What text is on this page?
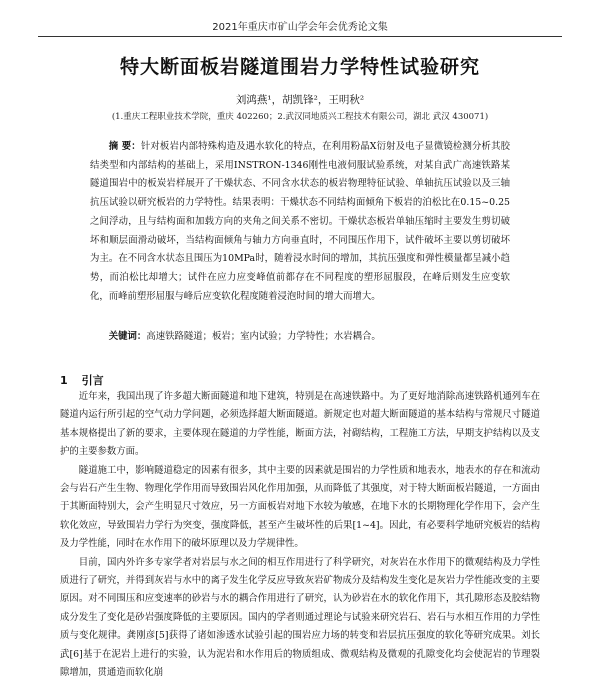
2021年重庆市矿山学会年会优秀论文集
特大断面板岩隧道围岩力学特性试验研究
刘鸿燕¹，胡凯锋²，王明秋²
(1.重庆工程职业技术学院，重庆 402260；2.武汉同地质兴工程技术有限公司，湖北 武汉 430071)
摘 要：针对板岩内部特殊构造及遇水软化的特点，在利用粉晶X衍射及电子显微镜检测分析其胶结类型和内部结构的基础上，采用INSTRON-1346刚性电液伺服试验系统，对某自武广高速铁路某隧道围岩中的板炭岩样展开了干燥状态、不同含水状态的板岩物理特征试验、单轴抗压试验以及三轴抗压试验以研究板岩的力学特性。结果表明：干燥状态不同结构面倾角下板岩的泊松比在0.15~0.25之间浮动，且与结构面和加载方向的夹角之间关系不密切。干燥状态板岩单轴压缩时主要发生剪切破坏和顺层面滑动破坏，当结构面倾角与轴力方向垂直时，不同围压作用下，试件破坏主要以剪切破坏为主。在不同含水状态且围压为10MPa时，随着浸水时间的增加，其抗压强度和弹性模量都呈减小趋势，而泊松比却增大；试件在应力应变峰值前都存在不同程度的塑形屈服段，在峰后则发生应变软化，而峰前塑形屈服与峰后应变软化程度随着浸泡时间的增大而增大。
关键词：高速铁路隧道；板岩；室内试验；力学特性；水岩耦合。
1 引言

近年来，我国出现了许多超大断面隧道和地下建筑，特别是在高速铁路中。为了更好地消除高速铁路机通列车在隧道内运行所引起的空气动力学问题，必须选择超大断面隧道。新规定也对超大断面隧道的基本结构与常规尺寸隧道基本规格提出了新的要求，主要体现在隧道的力学性能，断面方法，衬砌结构，工程施工方法，早期支护结构以及支护的主要参数方面。

隧道施工中，影响隧道稳定的因素有很多，其中主要的因素就是围岩的力学性质和地表水，地表水的存在和流动会与岩石产生生物、物理化学作用而导致围岩风化作用加强，从而降低了其强度，对于特大断面板岩隧道，一方面由于其断面特别大，会产生明显尺寸效应，另一方面板岩对地下水较为敏感，在地下水的长期物理化学作用下，会产生软化效应，导致围岩力学行为突变，强度降低，甚至产生破坏性的后果[1~4]。因此，有必要科学地研究板岩的结构及力学性能，同时在水作用下的破坏原理以及力学规律性。

目前，国内外许多专家学者对岩层与水之间的相互作用进行了科学研究，对灰岩在水作用下的微观结构及力学性质进行了研究，并得到灰岩与水中的离子发生化学反应导致灰岩矿物成分及结构发生变化是灰岩力学性能改变的主要原因。对不同围压和应变速率的砂岩与水的耦合作用进行了研究，认为砂岩在水的软化作用下，其孔隙形态及胶结物成分发生了变化是砂岩强度降低的主要原因。国内的学者则通过理论与试验来研究岩石、岩石与水相互作用的力学性质与变化规律。龚刚彦[5]获得了诸如渗透水试验引起的围岩应力场的转变和岩层抗压强度的软化等研究成果。刘长武[6]基于在泥岩上进行的实验，认为泥岩和水作用后的物质组成、微观结构及微观的孔隙变化均会使泥岩的节理裂隙增加，贯通造而软化崩
